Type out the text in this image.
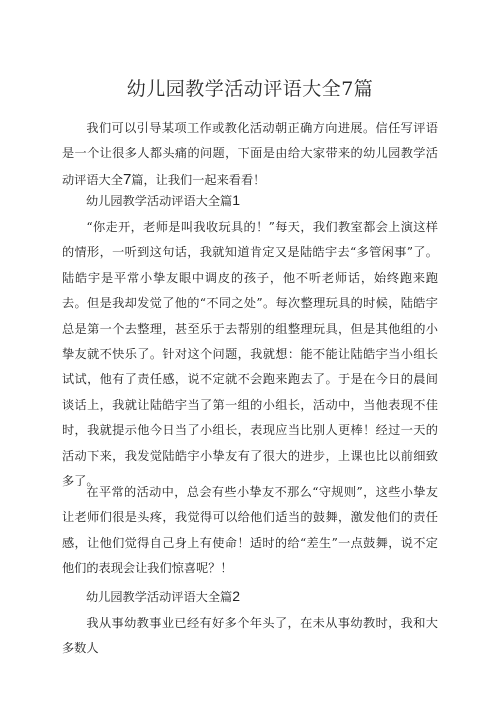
幼儿园教学活动评语大全7篇

我们可以引导某项工作或教化活动朝正确方向进展。信任写评语是一个让很多人都头痛的问题，下面是由给大家带来的幼儿园教学活动评语大全7篇，让我们一起来看看！

幼儿园教学活动评语大全篇1

“你走开，老师是叫我收玩具的！”每天，我们教室都会上演这样的情形，一听到这句话，我就知道肯定又是陆皓宇去“多管闲事”了。陆皓宇是平常小挚友眼中调皮的孩子，他不听老师话，始终跑来跑去。但是我却发觉了他的“不同之处”。每次整理玩具的时候，陆皓宇总是第一个去整理，甚至乐于去帮别的组整理玩具，但是其他组的小挚友就不快乐了。针对这个问题，我就想：能不能让陆皓宇当小组长试试，他有了责任感，说不定就不会跑来跑去了。于是在今日的晨间谈话上，我就让陆皓宇当了第一组的小组长，活动中，当他表现不佳时，我就提示他今日当了小组长，表现应当比别人更棒！经过一天的活动下来，我发觉陆皓宇小挚友有了很大的进步，上课也比以前细致多了。

在平常的活动中，总会有些小挚友不那么“守规则”，这些小挚友让老师们很是头疼，我觉得可以给他们适当的鼓舞，激发他们的责任感，让他们觉得自己身上有使命！适时的给“差生”一点鼓舞，说不定他们的表现会让我们惊喜呢？！

幼儿园教学活动评语大全篇2

我从事幼教事业已经有好多个年头了，在未从事幼教时，我和大多数人
